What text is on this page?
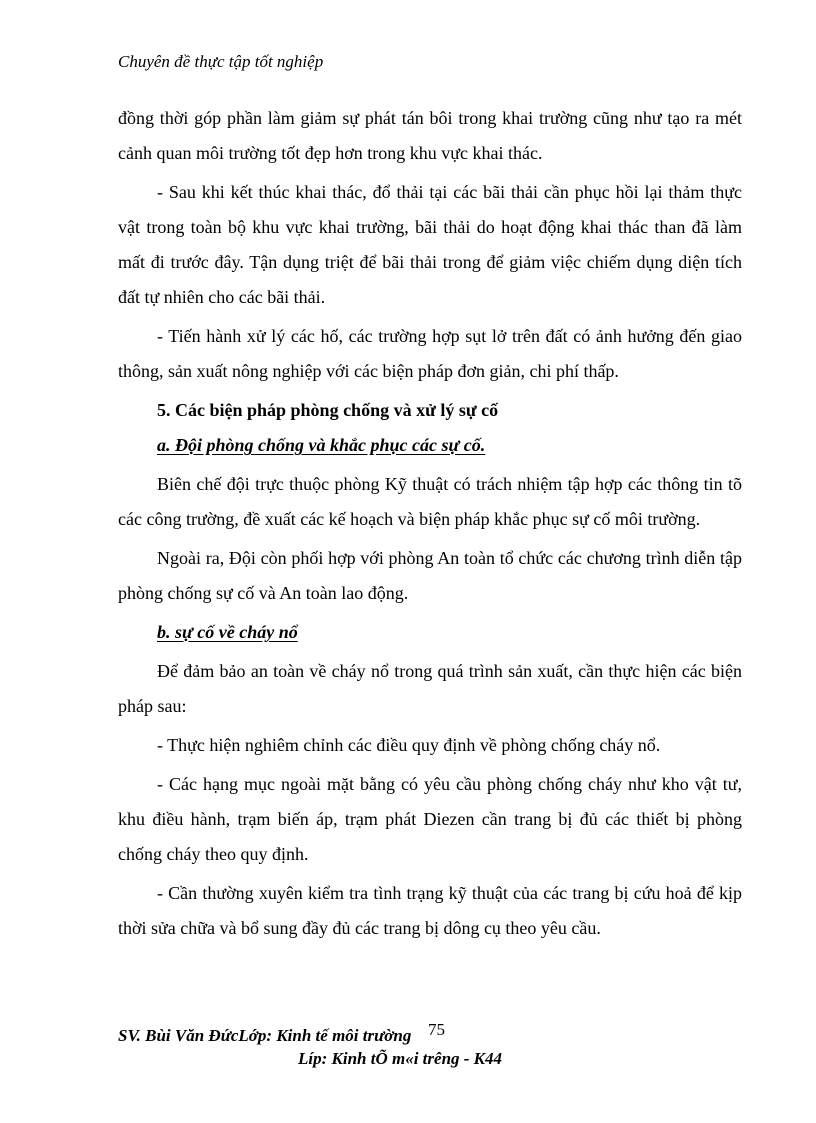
Chuyên đề thực tập tốt nghiệp

đồng thời góp phần làm giảm sự phát tán bôi trong khai trường cũng như tạo ra mét cảnh quan môi trường tốt đẹp hơn trong khu vực khai thác.

- Sau khi kết thúc khai thác, đổ thải tại các bãi thải cần phục hồi lại thảm thực vật trong toàn bộ khu vực khai trường, bãi thải do hoạt động khai thác than đã làm mất đi trước đây. Tận dụng triệt để bãi thải trong để giảm việc chiếm dụng diện tích đất tự nhiên cho các bãi thải.

- Tiến hành xử lý các hố, các trường hợp sụt lở trên đất có ảnh hưởng đến giao thông, sản xuất nông nghiệp với các biện pháp đơn giản, chi phí thấp.

5. Các biện pháp phòng chống và xử lý sự cố

a. Đội phòng chống và khắc phục các sự cố.

Biên chế đội trực thuộc phòng Kỹ thuật có trách nhiệm tập hợp các thông tin tõ các công trường, đề xuất các kế hoạch và biện pháp khắc phục sự cố môi trường.

Ngoài ra, Đội còn phối hợp với phòng An toàn tổ chức các chương trình diễn tập phòng chống sự cố và An toàn lao động.

b. sự cố về cháy nổ

Để đảm bảo an toàn về cháy nổ trong quá trình sản xuất, cần thực hiện các biện pháp sau:

- Thực hiện nghiêm chỉnh các điều quy định về phòng chống cháy nổ.

- Các hạng mục ngoài mặt bằng có yêu cầu phòng chống cháy như kho vật tư, khu điều hành, trạm biến áp, trạm phát Diezen cần trang bị đủ các thiết bị phòng chống cháy theo quy định.

- Cần thường xuyên kiểm tra tình trạng kỹ thuật của các trang bị cứu hoả để kịp thời sửa chữa và bổ sung đầy đủ các trang bị dông cụ theo yêu cầu.

SV. Bùi Văn ĐứcLớp: Kinh tế môi trường 75
Líp: Kinh tÕ m«i trêng - K44
